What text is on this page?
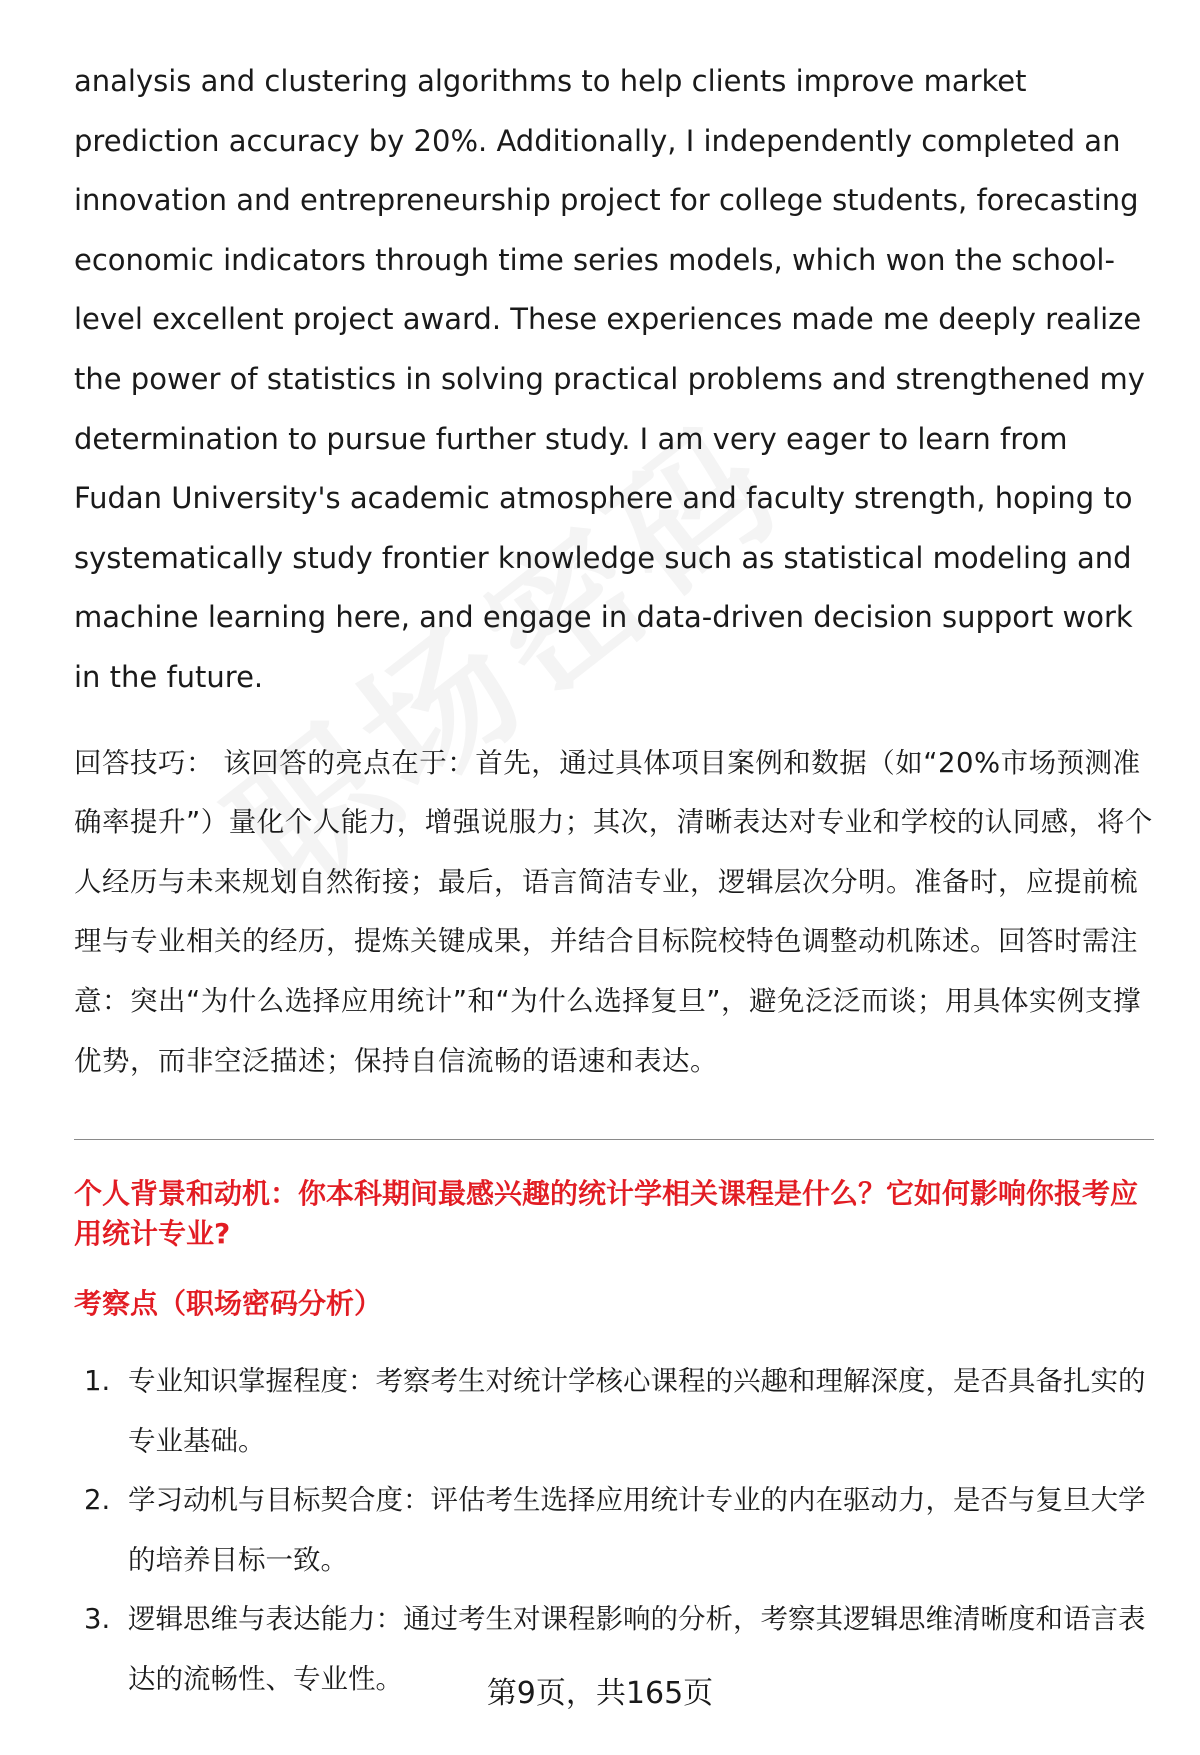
analysis and clustering algorithms to help clients improve market prediction accuracy by 20%. Additionally, I independently completed an innovation and entrepreneurship project for college students, forecasting economic indicators through time series models, which won the school-level excellent project award. These experiences made me deeply realize the power of statistics in solving practical problems and strengthened my determination to pursue further study. I am very eager to learn from Fudan University's academic atmosphere and faculty strength, hoping to systematically study frontier knowledge such as statistical modeling and machine learning here, and engage in data-driven decision support work in the future.

回答技巧： 该回答的亮点在于：首先，通过具体项目案例和数据（如“20%市场预测准确率提升”）量化个人能力，增强说服力；其次，清晰表达对专业和学校的认同感，将个人经历与未来规划自然衔接；最后，语言简洁专业，逻辑层次分明。准备时，应提前梳理与专业相关的经历，提炼关键成果，并结合目标院校特色调整动机陈述。回答时需注意：突出“为什么选择应用统计”和“为什么选择复旦”，避免泛泛而谈；用具体实例支撑优势，而非空泛描述；保持自信流畅的语速和表达。

个人背景和动机：你本科期间最感兴趣的统计学相关课程是什么？它如何影响你报考应用统计专业?
考察点（职场密码分析）
1. 专业知识掌握程度：考察考生对统计学核心课程的兴趣和理解深度，是否具备扎实的专业基础。
2. 学习动机与目标契合度：评估考生选择应用统计专业的内在驱动力，是否与复旦大学的培养目标一致。
3. 逻辑思维与表达能力：通过考生对课程影响的分析，考察其逻辑思维清晰度和语言表达的流畅性、专业性。	第9页，共165页
